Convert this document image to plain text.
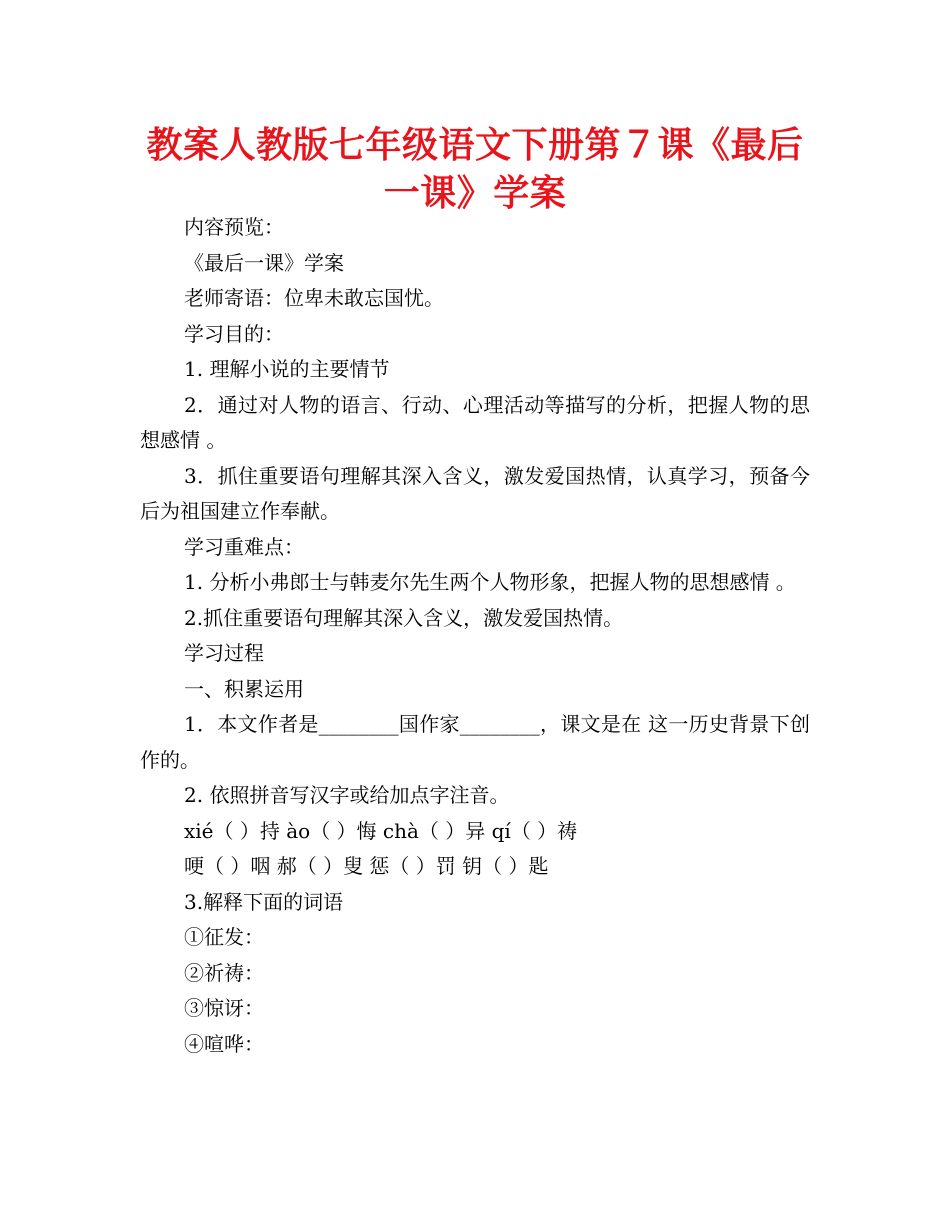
教案人教版七年级语文下册第７课《最后一课》学案

内容预览：

《最后一课》学案

老师寄语：位卑未敢忘国忧。

学习目的：

1. 理解小说的主要情节

2．通过对人物的语言、行动、心理活动等描写的分析，把握人物的思想感情 。

3．抓住重要语句理解其深入含义，激发爱国热情，认真学习，预备今后为祖国建立作奉献。

学习重难点：

1. 分析小弗郎士与韩麦尔先生两个人物形象，把握人物的思想感情 。

2.抓住重要语句理解其深入含义，激发爱国热情。

学习过程

一、积累运用

1．本文作者是________国作家________，课文是在 这一历史背景下创作的。

2. 依照拼音写汉字或给加点字注音。

xié（ ）持 ào（ ）悔 chà（ ）异 qí（ ）祷

哽（ ）咽 郝（ ）叟 惩（ ）罚 钥（ ）匙

3.解释下面的词语

①征发：

②祈祷：

③惊讶：

④喧哗：
